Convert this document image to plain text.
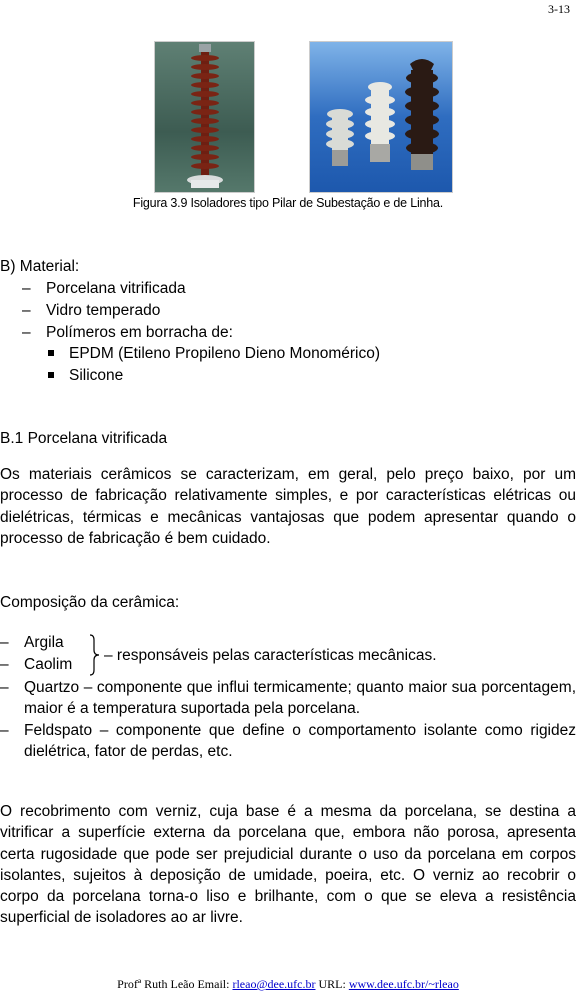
3-13
Figura 3.9 Isoladores tipo Pilar de Subestação e de Linha.
B) Material:
– Porcelana vitrificada
– Vidro temperado
– Polímeros em borracha de:
EPDM (Etileno Propileno Dieno Monomérico)
Silicone
B.1 Porcelana vitrificada

Os materiais cerâmicos se caracterizam, em geral, pelo preço baixo, por um processo de fabricação relativamente simples, e por características elétricas ou dielétricas, térmicas e mecânicas vantajosas que podem apresentar quando o processo de fabricação é bem cuidado.

Composição da cerâmica:
– Argila
– Caolim
– responsáveis pelas características mecânicas.
– Quartzo – componente que influi termicamente; quanto maior sua porcentagem, maior é a temperatura suportada pela porcelana.

– Feldspato – componente que define o comportamento isolante como rigidez dielétrica, fator de perdas, etc.

O recobrimento com verniz, cuja base é a mesma da porcelana, se destina a vitrificar a superfície externa da porcelana que, embora não porosa, apresenta certa rugosidade que pode ser prejudicial durante o uso da porcelana em corpos isolantes, sujeitos à deposição de umidade, poeira, etc. O verniz ao recobrir o corpo da porcelana torna-o liso e brilhante, com o que se eleva a resistência superficial de isoladores ao ar livre.

Profª Ruth Leão Email: rleao@dee.ufc.br URL: www.dee.ufc.br/~rleao
